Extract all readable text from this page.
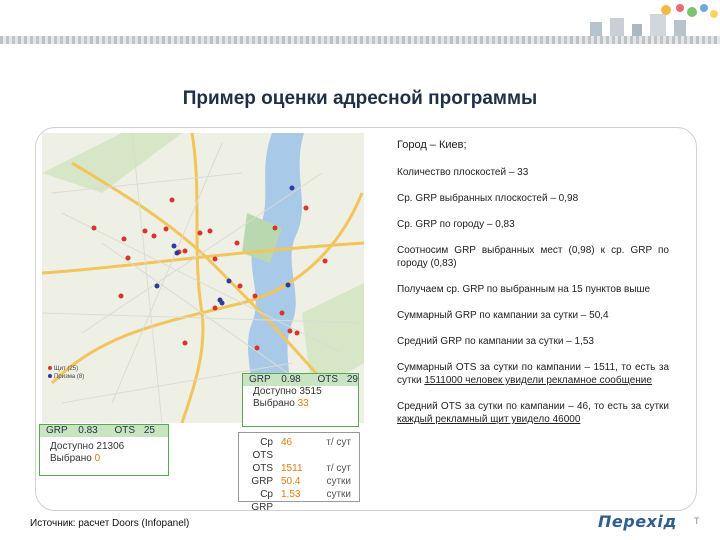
Пример оценки адресной программы
Щит (25)
Призма (8)	GRP 0.98 OTS 29
Доступно 3515
Выбрано 33
GRP 0.83 OTS 25
Доступно 21306
Выбрано 0
Ср OTS
46	т/ сут
OTS 1511	т/ сут
GRP 50.4	сутки
Ср GRP
1.53	сутки

Город – Киев;

Количество плоскостей – 33

Ср. GRP выбранных плоскостей – 0,98

Ср. GRP по городу – 0,83

Соотносим GRP выбранных мест (0,98) к ср. GRP по городу (0,83)

Получаем ср. GRP по выбранным на 15 пунктов выше

Суммарный GRP по кампании за сутки – 50,4

Средний GRP по кампании за сутки – 1,53

Суммарный OTS за сутки по кампании – 1511, то есть за сутки 1511000 человек увидели рекламное сообщение

Средний OTS за сутки по кампании – 46, то есть за сутки каждый рекламный щит увидело 46000

Источник: расчет Doors (Infopanel)	Перехід Т
